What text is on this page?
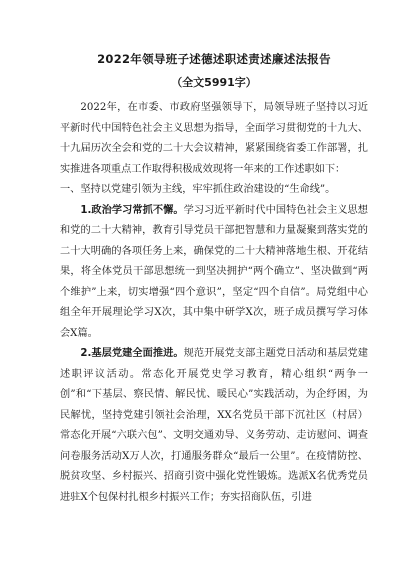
2022年领导班子述德述职述责述廉述法报告
（全文5991字）

2022年，在市委、市政府坚强领导下，局领导班子坚持以习近平新时代中国特色社会主义思想为指导，全面学习贯彻党的十九大、十九届历次全会和党的二十大会议精神，紧紧围绕省委工作部署，扎实推进各项重点工作取得积极成效现将一年来的工作述职如下：

一、坚持以党建引领为主线，牢牢抓住政治建设的“生命线”。

1.政治学习常抓不懈。学习习近平新时代中国特色社会主义思想和党的二十大精神，教育引导党员干部把智慧和力量凝聚到落实党的二十大明确的各项任务上来，确保党的二十大精神落地生根、开花结果，将全体党员干部思想统一到坚决拥护“两个确立”、坚决做到“两个维护”上来，切实增强“四个意识”，坚定“四个自信”。局党组中心组全年开展理论学习X次，其中集中研学X次，班子成员撰写学习体会X篇。

2.基层党建全面推进。规范开展党支部主题党日活动和基层党建述职评议活动。常态化开展党史学习教育，精心组织“两争一创”和“下基层、察民情、解民忧、暖民心”实践活动，为企纾困，为民解忧，坚持党建引领社会治理，XX名党员干部下沉社区（村居）常态化开展“六联六包”、文明交通劝导、义务劳动、走访慰问、调查问卷服务活动X万人次，打通服务群众“最后一公里”。在疫情防控、脱贫攻坚、乡村振兴、招商引资中强化党性锻炼。选派X名优秀党员进驻X个包保村扎根乡村振兴工作；夯实招商队伍，引进
